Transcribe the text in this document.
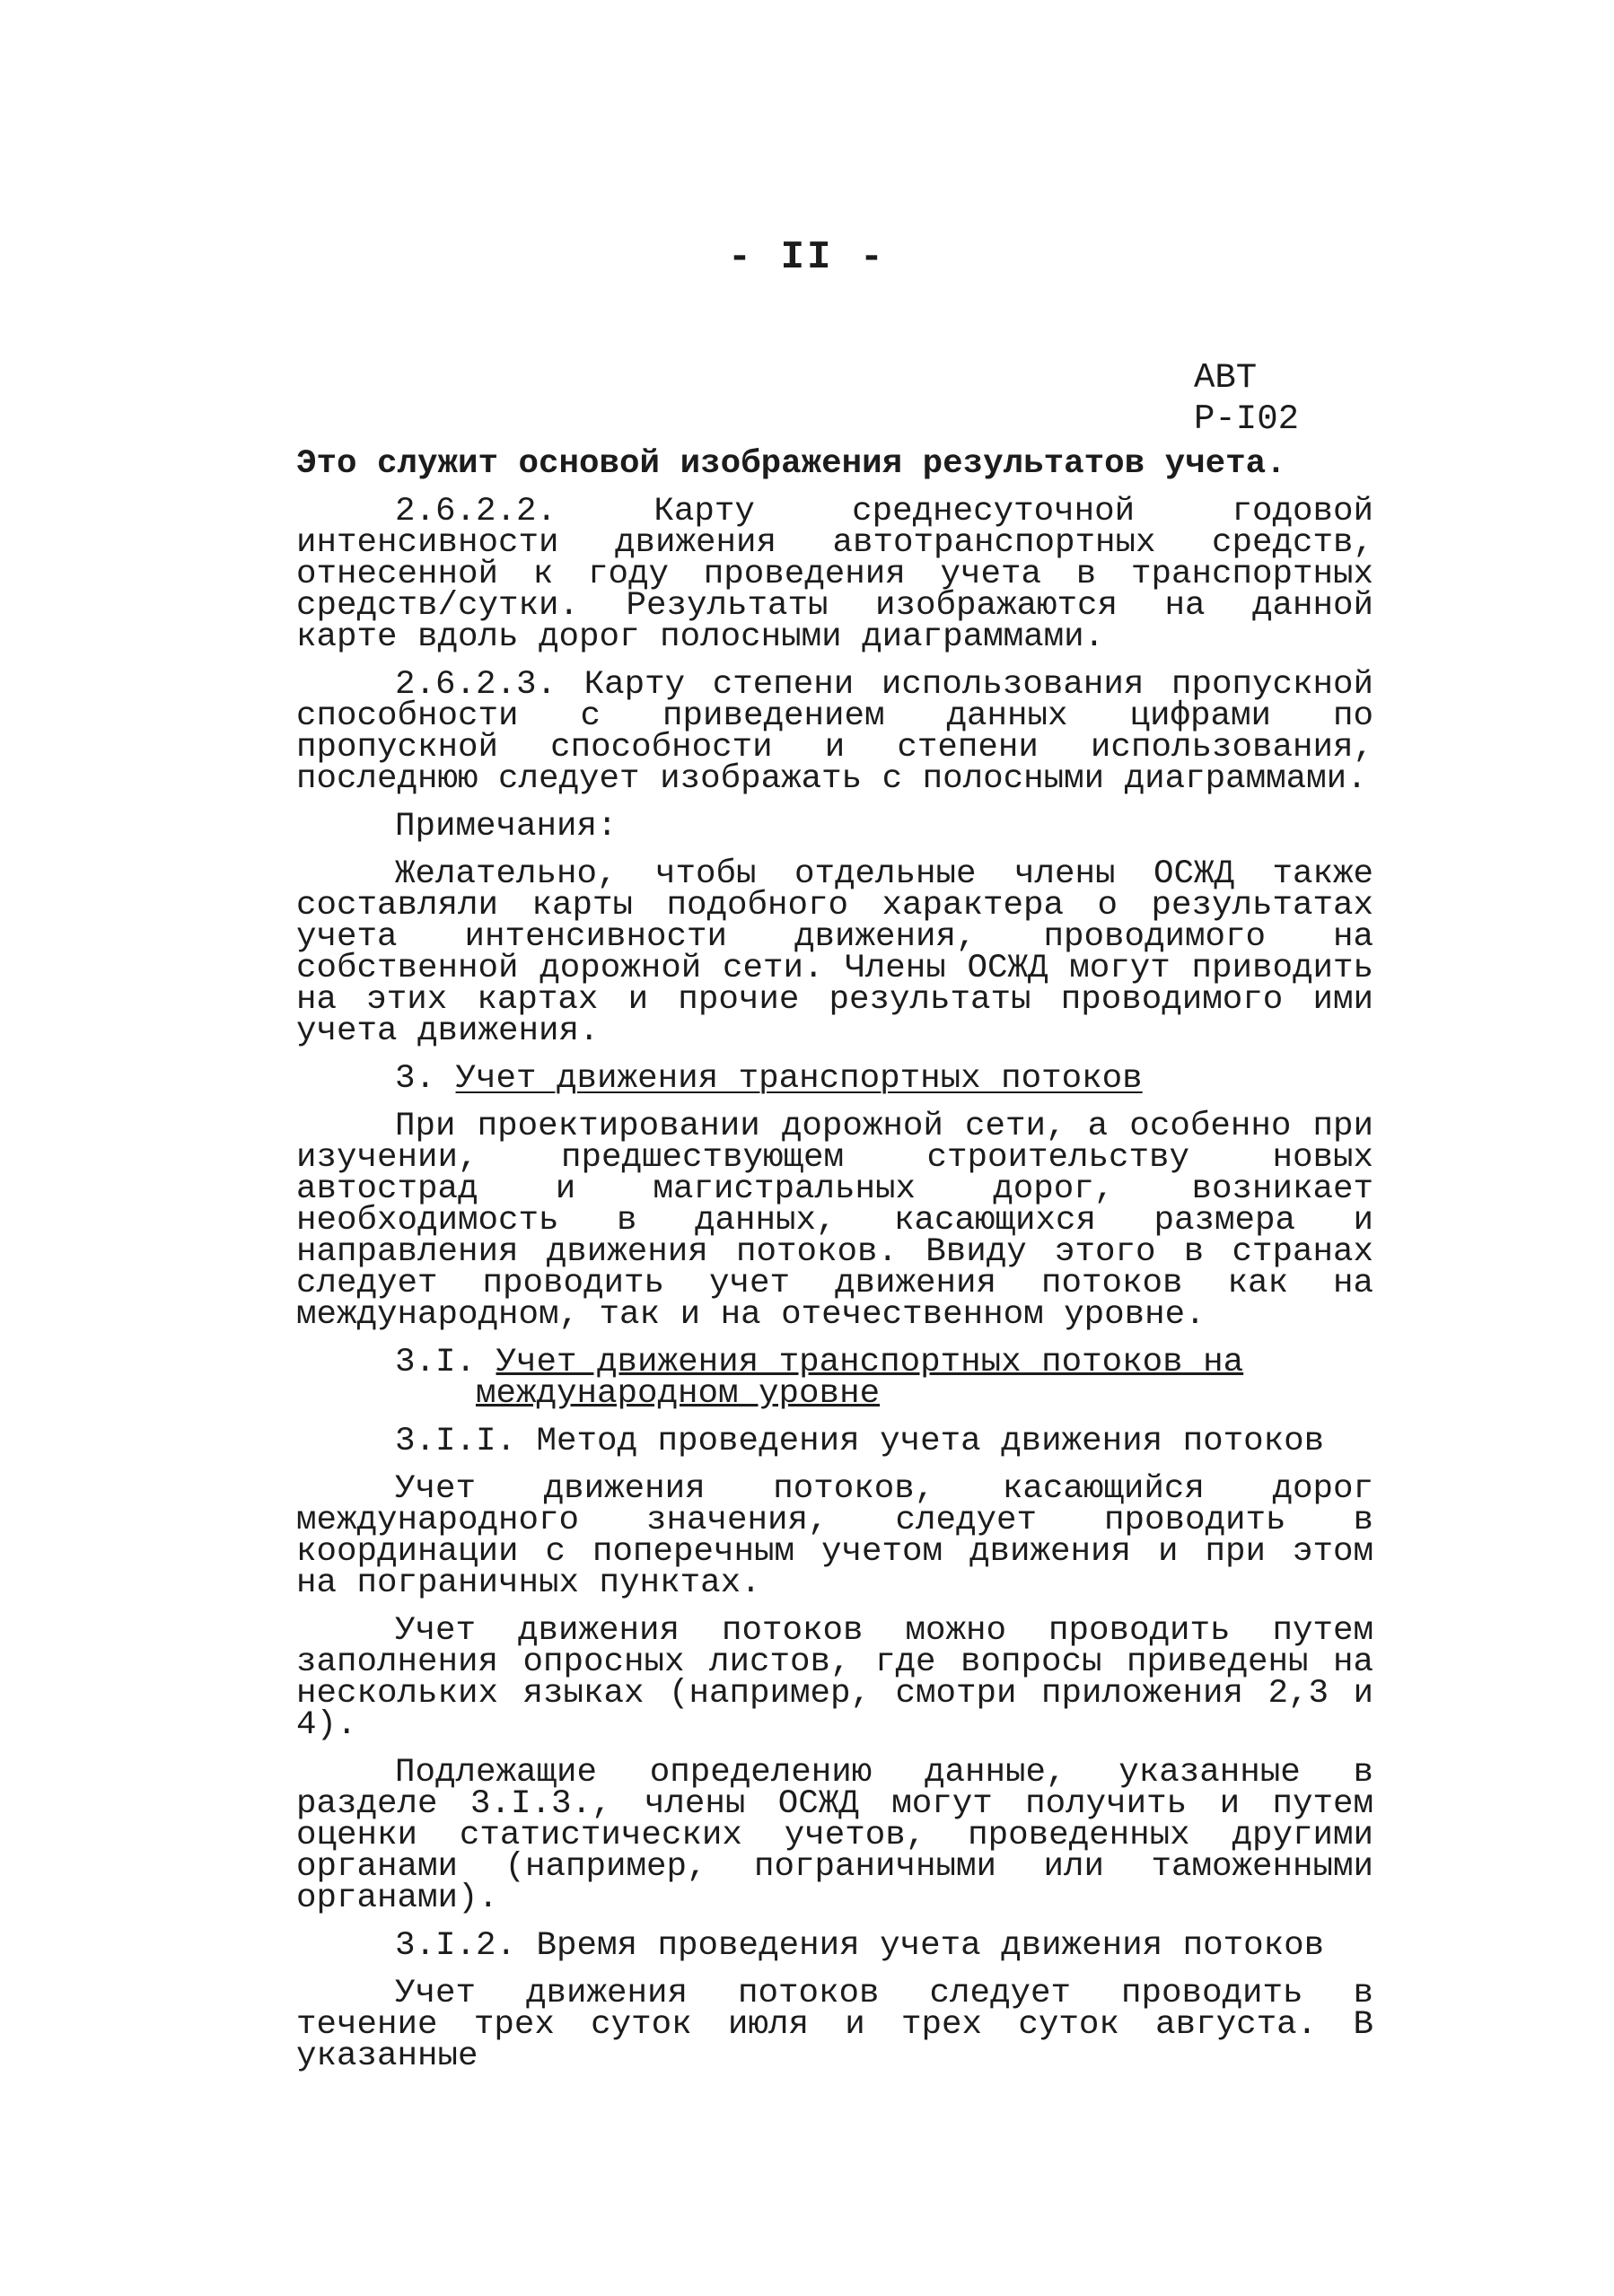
- II -
АВТ
Р-I02

Это служит основой изображения результатов учета.

2.6.2.2. Карту среднесуточной годовой интенсивности движения автотранспортных средств, отнесенной к году проведения учета в транспортных средств/сутки. Результаты изображаются на данной карте вдоль дорог полосными диаграммами.

2.6.2.3. Карту степени использования пропускной способности с приведением данных цифрами по пропускной способности и степени использования, последнюю следует изображать с полосными диаграммами.

Примечания:

Желательно, чтобы отдельные члены ОСЖД также составляли карты подобного характера о результатах учета интенсивности движения, проводимого на собственной дорожной сети. Члены ОСЖД могут приводить на этих картах и прочие результаты проводимого ими учета движения.

3. Учет движения транспортных потоков

При проектировании дорожной сети, а особенно при изучении, предшествующем строительству новых автострад и магистральных дорог, возникает необходимость в данных, касающихся размера и направления движения потоков. Ввиду этого в странах следует проводить учет движения потоков как на международном, так и на отечественном уровне.

3.I. Учет движения транспортных потоков на международном уровне

3.I.I. Метод проведения учета движения потоков

Учет движения потоков, касающийся дорог международного значения, следует проводить в координации с поперечным учетом движения и при этом на пограничных пунктах.

Учет движения потоков можно проводить путем заполнения опросных листов, где вопросы приведены на нескольких языках (например, смотри приложения 2,3 и 4).

Подлежащие определению данные, указанные в разделе 3.I.3., члены ОСЖД могут получить и путем оценки статистических учетов, проведенных другими органами (например, пограничными или таможенными органами).

3.I.2. Время проведения учета движения потоков

Учет движения потоков следует проводить в течение трех суток июля и трех суток августа. В указанные
